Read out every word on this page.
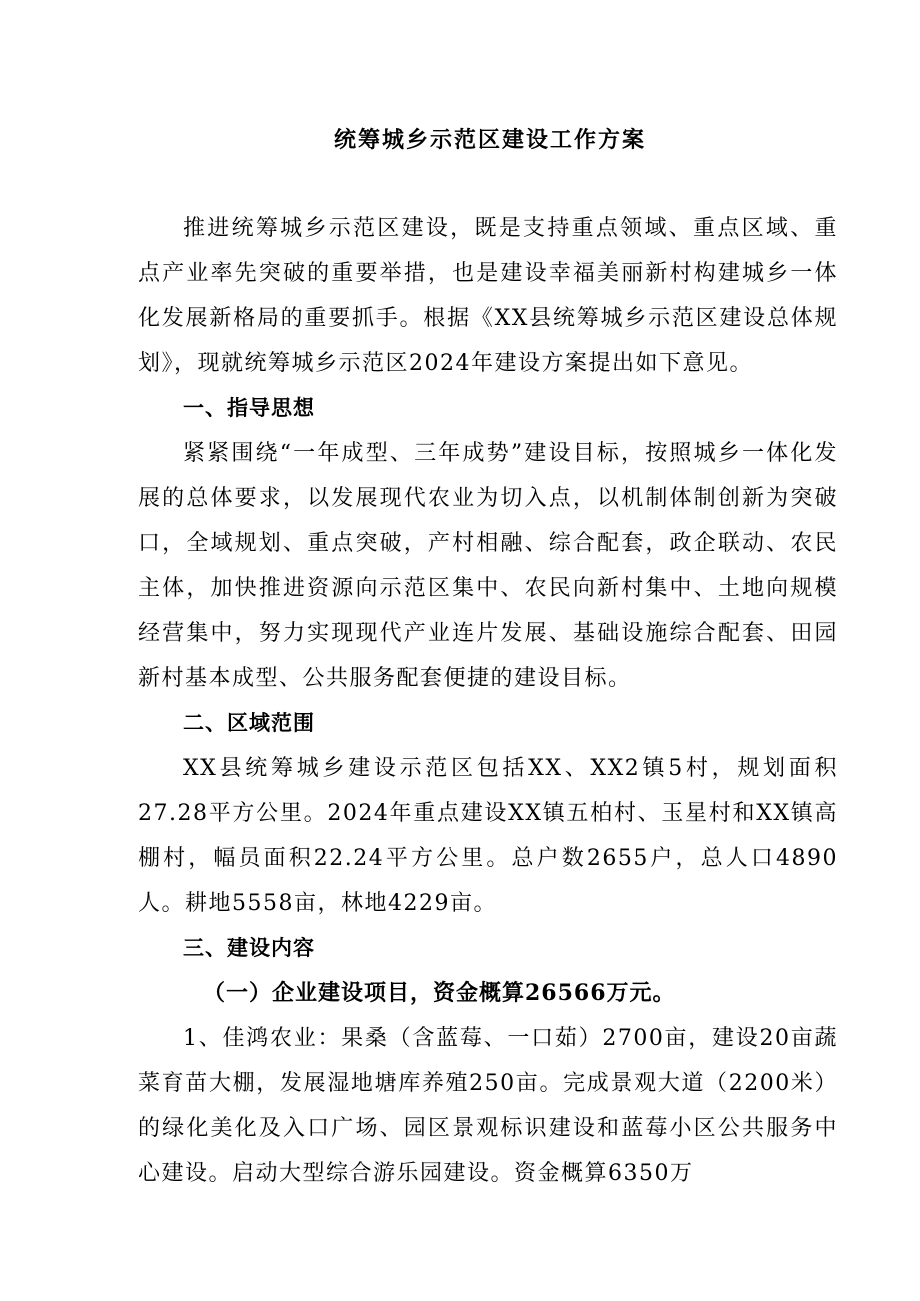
统筹城乡示范区建设工作方案

推进统筹城乡示范区建设，既是支持重点领域、重点区域、重点产业率先突破的重要举措，也是建设幸福美丽新村构建城乡一体化发展新格局的重要抓手。根据《XX县统筹城乡示范区建设总体规划》，现就统筹城乡示范区2024年建设方案提出如下意见。

一、指导思想

紧紧围绕“一年成型、三年成势”建设目标，按照城乡一体化发展的总体要求，以发展现代农业为切入点，以机制体制创新为突破口，全域规划、重点突破，产村相融、综合配套，政企联动、农民主体，加快推进资源向示范区集中、农民向新村集中、土地向规模经营集中，努力实现现代产业连片发展、基础设施综合配套、田园新村基本成型、公共服务配套便捷的建设目标。

二、区域范围

XX县统筹城乡建设示范区包括XX、XX2镇5村，规划面积27.28平方公里。2024年重点建设XX镇五柏村、玉星村和XX镇高棚村，幅员面积22.24平方公里。总户数2655户，总人口4890人。耕地5558亩，林地4229亩。

三、建设内容

（一）企业建设项目，资金概算26566万元。

1、佳鸿农业：果桑（含蓝莓、一口茹）2700亩，建设20亩蔬菜育苗大棚，发展湿地塘库养殖250亩。完成景观大道（2200米）的绿化美化及入口广场、园区景观标识建设和蓝莓小区公共服务中心建设。启动大型综合游乐园建设。资金概算6350万
